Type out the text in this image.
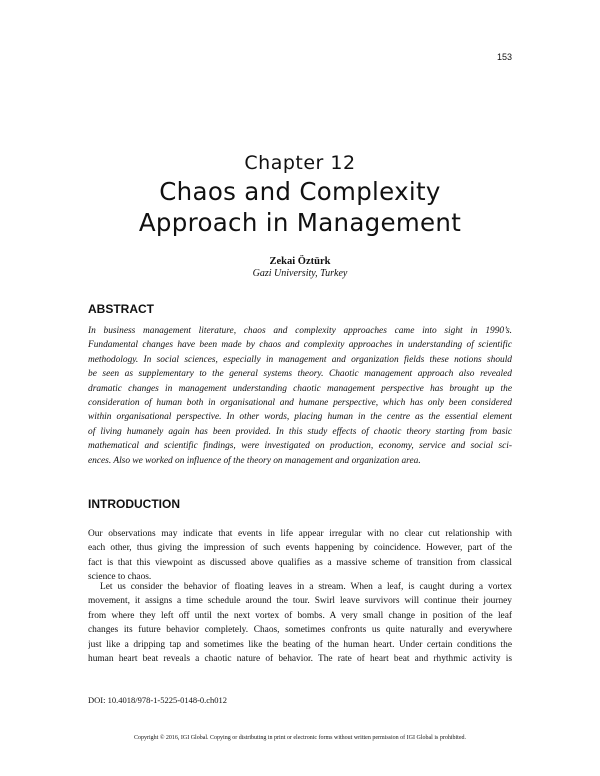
153
Chapter 12
Chaos and Complexity
Approach in Management
Zekai Öztürk
Gazi University, Turkey
ABSTRACT
In business management literature, chaos and complexity approaches came into sight in 1990’s.
Fundamental changes have been made by chaos and complexity approaches in understanding of scientific
methodology. In social sciences, especially in management and organization fields these notions should
be seen as supplementary to the general systems theory. Chaotic management approach also revealed
dramatic changes in management understanding chaotic management perspective has brought up the
consideration of human both in organisational and humane perspective, which has only been considered
within organisational perspective. In other words, placing human in the centre as the essential element
of living humanely again has been provided. In this study effects of chaotic theory starting from basic
mathematical and scientific findings, were investigated on production, economy, service and social sci-
ences. Also we worked on influence of the theory on management and organization area.
INTRODUCTION
Our observations may indicate that events in life appear irregular with no clear cut relationship with
each other, thus giving the impression of such events happening by coincidence. However, part of the
fact is that this viewpoint as discussed above qualifies as a massive scheme of transition from classical
science to chaos.
Let us consider the behavior of floating leaves in a stream. When a leaf, is caught during a vortex
movement, it assigns a time schedule around the tour. Swirl leave survivors will continue their journey
from where they left off until the next vortex of bombs. A very small change in position of the leaf
changes its future behavior completely. Chaos, sometimes confronts us quite naturally and everywhere
just like a dripping tap and sometimes like the beating of the human heart. Under certain conditions the
human heart beat reveals a chaotic nature of behavior. The rate of heart beat and rhythmic activity is
DOI: 10.4018/978-1-5225-0148-0.ch012
Copyright © 2016, IGI Global. Copying or distributing in print or electronic forms without written permission of IGI Global is prohibited.
